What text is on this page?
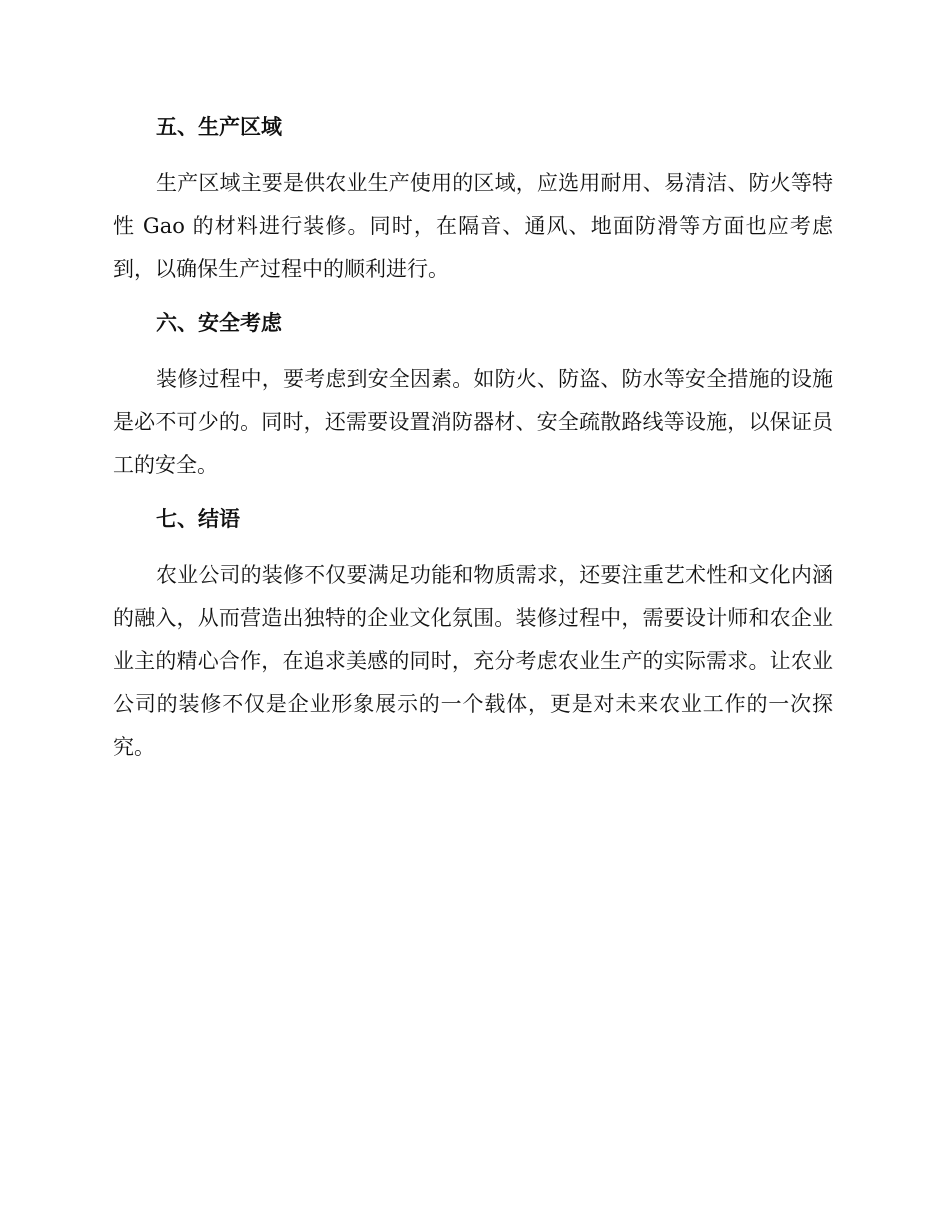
五、生产区域

生产区域主要是供农业生产使用的区域，应选用耐用、易清洁、防火等特性 Gao 的材料进行装修。同时，在隔音、通风、地面防滑等方面也应考虑到，以确保生产过程中的顺利进行。

六、安全考虑

装修过程中，要考虑到安全因素。如防火、防盗、防水等安全措施的设施是必不可少的。同时，还需要设置消防器材、安全疏散路线等设施，以保证员工的安全。

七、结语

农业公司的装修不仅要满足功能和物质需求，还要注重艺术性和文化内涵的融入，从而营造出独特的企业文化氛围。装修过程中，需要设计师和农企业业主的精心合作，在追求美感的同时，充分考虑农业生产的实际需求。让农业公司的装修不仅是企业形象展示的一个载体，更是对未来农业工作的一次探究。
